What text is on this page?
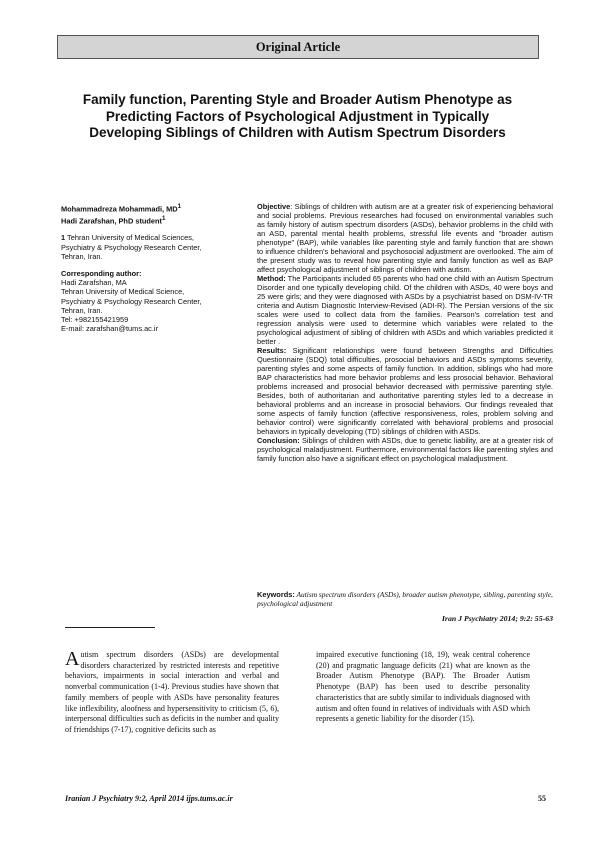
Original Article
Family function, Parenting Style and Broader Autism Phenotype as Predicting Factors of Psychological Adjustment in Typically Developing Siblings of Children with Autism Spectrum Disorders
Mohammadreza Mohammadi, $MD^1$
Hadi Zarafshan, PhD student$^1$
1 Tehran University of Medical Sciences, Psychiatry & Psychology Research Center, Tehran, Iran.
Corresponding author:
Hadi Zarafshan, MA
Tehran University of Medical Science, Psychiatry & Psychology Research Center,
Tehran, Iran.
Tel: +982155421959
E-mail: zarafshan@tums.ac.ir

Objective: Siblings of children with autism are at a greater risk of experiencing behavioral and social problems. Previous researches had focused on environmental variables such as family history of autism spectrum disorders (ASDs), behavior problems in the child with an ASD, parental mental health problems, stressful life events and "broader autism phenotype" (BAP), while variables like parenting style and family function that are shown to influence children's behavioral and psychosocial adjustment are overlooked. The aim of the present study was to reveal how parenting style and family function as well as BAP affect psychological adjustment of siblings of children with autism.

Method: The Participants included 65 parents who had one child with an Autism Spectrum Disorder and one typically developing child. Of the children with ASDs, 40 were boys and 25 were girls; and they were diagnosed with ASDs by a psychiatrist based on DSM-IV-TR criteria and Autism Diagnostic Interview-Revised (ADI-R). The Persian versions of the six scales were used to collect data from the families. Pearson's correlation test and regression analysis were used to determine which variables were related to the psychological adjustment of sibling of children with ASDs and which variables predicted it better .

Results: Significant relationships were found between Strengths and Difficulties Questionnaire (SDQ) total difficulties, prosocial behaviors and ASDs symptoms severity, parenting styles and some aspects of family function. In addition, siblings who had more BAP characteristics had more behavior problems and less prosocial behavior. Behavioral problems increased and prosocial behavior decreased with permissive parenting style. Besides, both of authoritarian and authoritative parenting styles led to a decrease in behavioral problems and an increase in prosocial behaviors. Our findings revealed that some aspects of family function (affective responsiveness, roles, problem solving and behavior control) were significantly correlated with behavioral problems and prosocial behaviors in typically developing (TD) siblings of children with ASDs.

Conclusion: Siblings of children with ASDs, due to genetic liability, are at a greater risk of psychological maladjustment. Furthermore, environmental factors like parenting styles and family function also have a significant effect on psychological maladjustment.

Keywords: Autism spectrum disorders (ASDs), broader autism phenotype, sibling, parenting style, psychological adjustment
Iran J Psychiatry 2014; 9:2: 55-63

Autism spectrum disorders (ASDs) are developmental disorders characterized by restricted interests and repetitive behaviors, impairments in social interaction and verbal and nonverbal communication (1-4). Previous studies have shown that family members of people with ASDs have personality features like inflexibility, aloofness and hypersensitivity to criticism (5, 6), interpersonal difficulties such as deficits in the number and quality of friendships (7-17), cognitive deficits such as

impaired executive functioning (18, 19), weak central coherence (20) and pragmatic language deficits (21) what are known as the Broader Autism Phenotype (BAP). The Broader Autism Phenotype (BAP) has been used to describe personality characteristics that are subtly similar to individuals diagnosed with autism and often found in relatives of individuals with ASD which represents a genetic liability for the disorder (15).

Iranian J Psychiatry 9:2, April 2014 ijps.tums.ac.ir	55
